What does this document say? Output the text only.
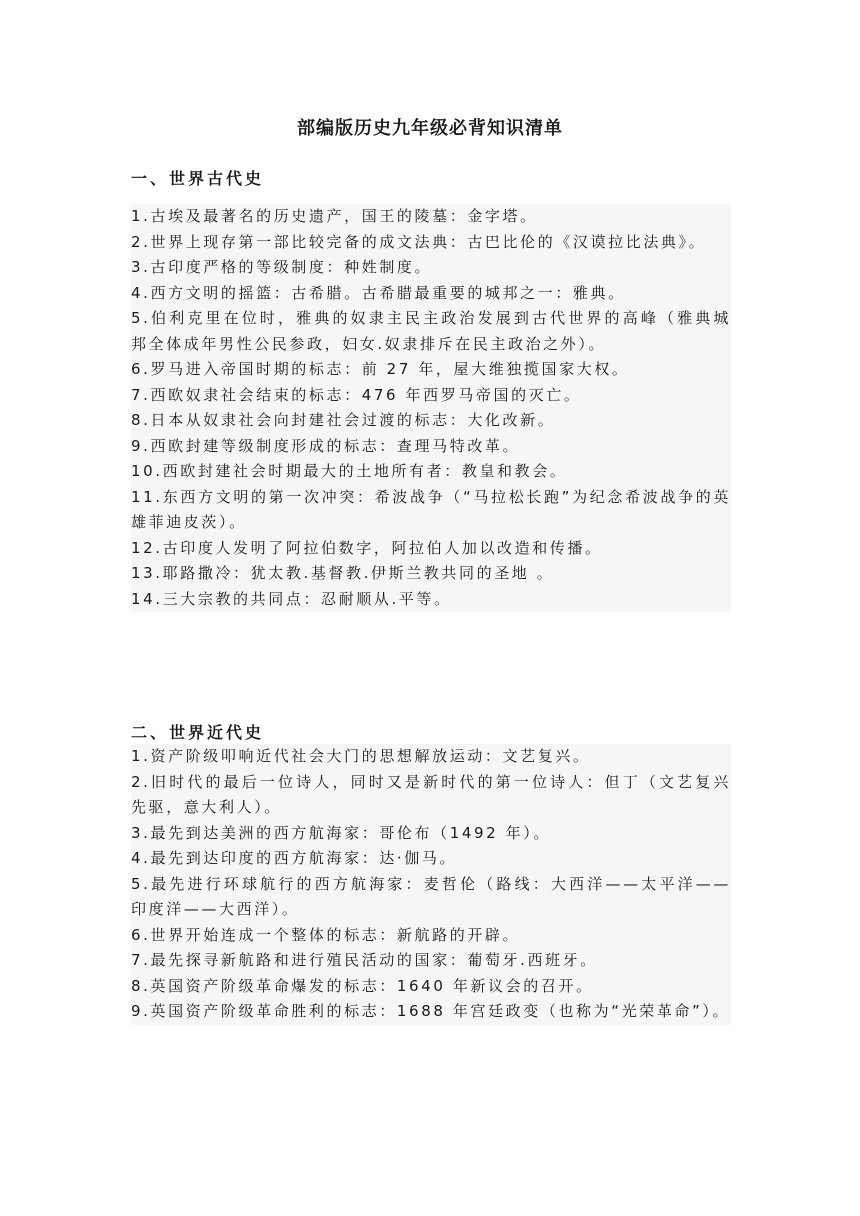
部编版历史九年级必背知识清单
一、世界古代史
1.古埃及最著名的历史遗产，国王的陵墓：金字塔。
2.世界上现存第一部比较完备的成文法典：古巴比伦的《汉谟拉比法典》。
3.古印度严格的等级制度：种姓制度。
4.西方文明的摇篮：古希腊。古希腊最重要的城邦之一：雅典。
5.伯利克里在位时，雅典的奴隶主民主政治发展到古代世界的高峰（雅典城邦全体成年男性公民参政，妇女.奴隶排斥在民主政治之外）。
6.罗马进入帝国时期的标志：前 27 年，屋大维独揽国家大权。
7.西欧奴隶社会结束的标志：476 年西罗马帝国的灭亡。
8.日本从奴隶社会向封建社会过渡的标志：大化改新。
9.西欧封建等级制度形成的标志：查理马特改革。
10.西欧封建社会时期最大的土地所有者：教皇和教会。
11.东西方文明的第一次冲突：希波战争（“马拉松长跑”为纪念希波战争的英雄菲迪皮茨）。
12.古印度人发明了阿拉伯数字，阿拉伯人加以改造和传播。
13.耶路撒冷：犹太教.基督教.伊斯兰教共同的圣地 。
14.三大宗教的共同点：忍耐顺从.平等。
二、世界近代史
1.资产阶级叩响近代社会大门的思想解放运动：文艺复兴。
2.旧时代的最后一位诗人，同时又是新时代的第一位诗人：但丁（文艺复兴先驱，意大利人）。
3.最先到达美洲的西方航海家：哥伦布（1492 年）。
4.最先到达印度的西方航海家：达·伽马。
5.最先进行环球航行的西方航海家：麦哲伦（路线：大西洋——太平洋——印度洋——大西洋）。
6.世界开始连成一个整体的标志：新航路的开辟。
7.最先探寻新航路和进行殖民活动的国家：葡萄牙.西班牙。
8.英国资产阶级革命爆发的标志：1640 年新议会的召开。
9.英国资产阶级革命胜利的标志：1688 年宫廷政变（也称为“光荣革命”）。
